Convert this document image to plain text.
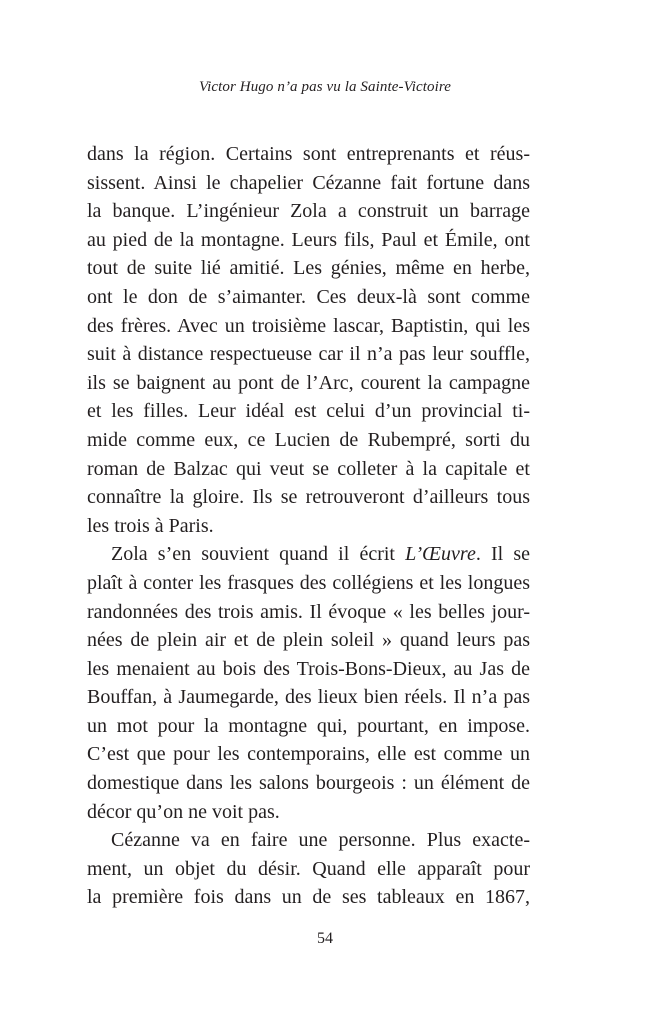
Victor Hugo n’a pas vu la Sainte-Victoire
dans la région. Certains sont entreprenants et réus-
sissent. Ainsi le chapelier Cézanne fait fortune dans
la banque. L’ingénieur Zola a construit un barrage
au pied de la montagne. Leurs fils, Paul et Émile, ont
tout de suite lié amitié. Les génies, même en herbe,
ont le don de s’aimanter. Ces deux-là sont comme
des frères. Avec un troisième lascar, Baptistin, qui les
suit à distance respectueuse car il n’a pas leur souffle,
ils se baignent au pont de l’Arc, courent la campagne
et les filles. Leur idéal est celui d’un provincial ti-
mide comme eux, ce Lucien de Rubempré, sorti du
roman de Balzac qui veut se colleter à la capitale et
connaître la gloire. Ils se retrouveront d’ailleurs tous
les trois à Paris.
Zola s’en souvient quand il écrit L’Œuvre. Il se
plaît à conter les frasques des collégiens et les longues
randonnées des trois amis. Il évoque « les belles jour-
nées de plein air et de plein soleil » quand leurs pas
les menaient au bois des Trois-Bons-Dieux, au Jas de
Bouffan, à Jaumegarde, des lieux bien réels. Il n’a pas
un mot pour la montagne qui, pourtant, en impose.
C’est que pour les contemporains, elle est comme un
domestique dans les salons bourgeois : un élément de
décor qu’on ne voit pas.
Cézanne va en faire une personne. Plus exacte-
ment, un objet du désir. Quand elle apparaît pour
la première fois dans un de ses tableaux en 1867,
54
